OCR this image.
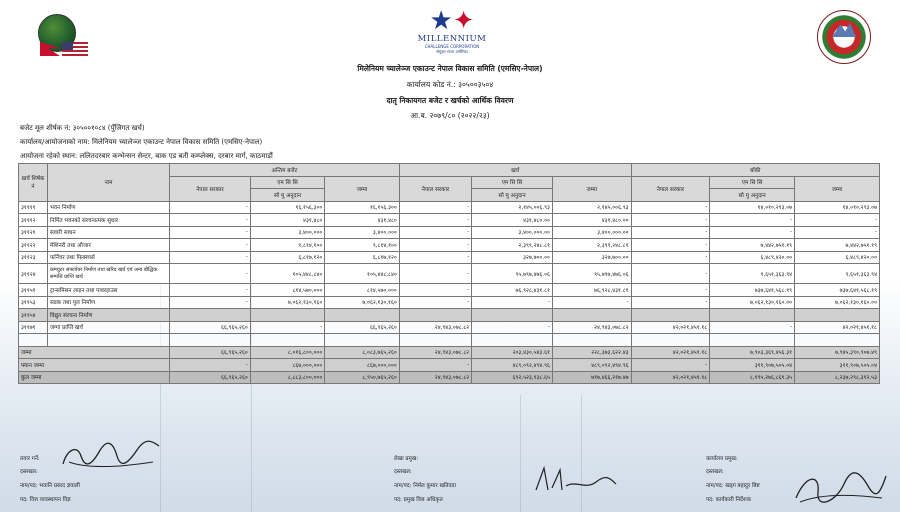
★✦
MILLENNIUM
CHALLENGE CORPORATION
संयुक्त राज्य अमेरिका
मिलेनियम च्यालेञ्ज एकाउन्ट नेपाल विकास समिति (एमसिए-नेपाल)
कार्यालय कोड नं.: ३०५००३५०४
दातृ निकायगत बजेट र खर्चको आर्थिक विवरण
आ.ब. २०७९/८० (२०२२/२३)
बजेट मूल शीर्षक नं: ३०५००१०८४ (पुँजिगत खर्च)
कार्यालय/आयोजनाको नाम: मिलेनियम च्यालेञ्ज एकाउन्ट नेपाल विकास समिति (एमसिए-नेपाल)
आयोजना रहेको स्थान: ललितदरबार कन्भेन्सन सेन्टर, बाक एड बती कम्प्लेक्स, दरबार मार्ग, काठमाडौं
खर्च शिर्षक नं	नाम	अन्तिम बजेट			खर्च			बाँकी		
		नेपाल सरकार	एम सि सि	जम्मा	नेपाल सरकार	एम सि सि	जम्मा	नेपाल सरकार	एम सि सि	जम्मा
			सो मु अनुदान			सो मु अनुदान			सो मु अनुदान	
३११११	भवन निर्माण	-	१६,१५६,३००	१६,१५६,३००	-	२,१४५,००६.९३	२,१४५,००६.९३	-	१४,०१०,२९३.०७	१४,०१०,२९३.०७
३१११२	निर्मित भवनको संरचनात्मक सुधार	-	४३१,४८०	४३१,४८०	-	४३१,४८०.००	४३१,४८०.००	-	-	-
३११२१	सवारी साधन	-	३,४००,०००	३,४००,०००	-	३,४००,०००.००	३,४००,०००.००	-	-	-
३११२२	मेशिनरी तथा औजार	-	९,८१४,१००	९,८१४,१००	-	२,३९९,२४८.८१	२,३९९,२४८.८१	-	७,४४२,७५१.१९	७,४४२,७५१.१९
३११२३	फर्निचर तथा फिक्स्चर्स	-	६,८१७,१२०	६,८१७,१२०	-	३२७,७००.००	३२७,७००.००	-	६,४८९,४२०.००	६,४८९,४२०.००
३११२४	कम्प्युटर सफ्टवेयर निर्माण तथा खरिद खर्च एवं अन्य बौद्धिक सम्पत्ति प्राप्ति खर्च	-	१०५,४४८,८४०	१०५,४४८,८४०	-	९५,७९७,४७६.०६	९५,७९७,४७६.०६	-	९,६५१,३६३.९४	९,६५१,३६३.९४
३११५१	ट्रान्समिसन लाइन तथा पावरहाउस	-	८१४,५७०,०००	८१४,५७०,०००	-	७६,९२८,४३१.८१	७६,९२८,४३१.८१	-	७३७,६४१,५६८.१९	७३७,६४१,५६८.१९
३११५३	सडक तथा पुल निर्माण	-	७,०६२,१३०,१६०	७,०६२,१३०,१६०	-	-	-	-	७,०६२,१३०,१६०.००	७,०६२,१३०,१६०.००
३११५४	विद्युत संरचना निर्माण									
३११७१	जग्गा प्राप्ति खर्च	६६,९६५,२६०	-	६६,९६५,२६०	२४,९४३,०७८.८२	-	२४,९४३,०७८.८२	४२,०२१,४५१.१८	-	४२,०२१,४५१.१८

जम्मा		६६,९६५,२६०	८,०१६,८००,०००	८,०८३,७६५,२६०	२४,९४३,०७८.८२	२०३,४३०,५४३.६१	२२८,३७३,६२२.४३	४२,०२१,४५१.१८	७,९०३,३६९,४५६.३१	७,९४५,३९०,९०७.४९
फ्यान जम्मा		-	८६७,०००,०००	८६७,०००,०००	-	४८९,०९२,४९४.९६	४८९,०९२,४९४.९६	-	३११,९०७,५०५.०४	३११,९०७,५०५.०४
कुल जम्मा		६६,९६५,२६०	८,८८३,८००,०००	८,९५०,७६५,२६०	२४,९४३,०७८.८२	६९२,५२३,१३८.६५	७१७,४६६,२१७.४७	४२,०२१,४५१.१८	८,१९५,२७६,८६१.३५	८,२३७,२९८,३१२.५३
तयार गर्ने:
दस्तखत:
नाम/पद: भवानि प्रसाद ज्ञवाली
पद: वित्त व्यवस्थापन विज्ञ
लेखा प्रमुख:
दस्तखत:
नाम/पद: निर्मल कुमार खतिवडा
पद: प्रमुख वित्त अधिकृत
कार्यालय प्रमुख:
दस्तखत:
नाम/पद: खड्ग बहादुर बिष्ट
पद: कार्यकारी निर्देशक
